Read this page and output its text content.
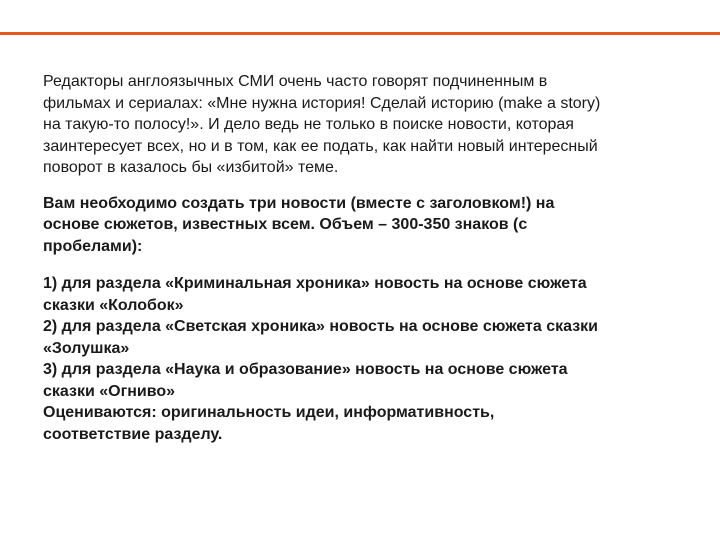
Редакторы англоязычных СМИ очень часто говорят подчиненным в
фильмах и сериалах: «Мне нужна история! Сделай историю (make a story)
на такую-то полосу!». И дело ведь не только в поиске новости, которая
заинтересует всех, но и в том, как ее подать, как найти новый интересный
поворот в казалось бы «избитой» теме.

Вам необходимо создать три новости (вместе с заголовком!) на
основе сюжетов, известных всем. Объем – 300-350 знаков (с
пробелами):

1) для раздела «Криминальная хроника» новость на основе сюжета
сказки «Колобок»
2) для раздела «Светская хроника» новость на основе сюжета сказки
«Золушка»
3) для раздела «Наука и образование» новость на основе сюжета
сказки «Огниво»
Оцениваются: оригинальность идеи, информативность,
соответствие разделу.
